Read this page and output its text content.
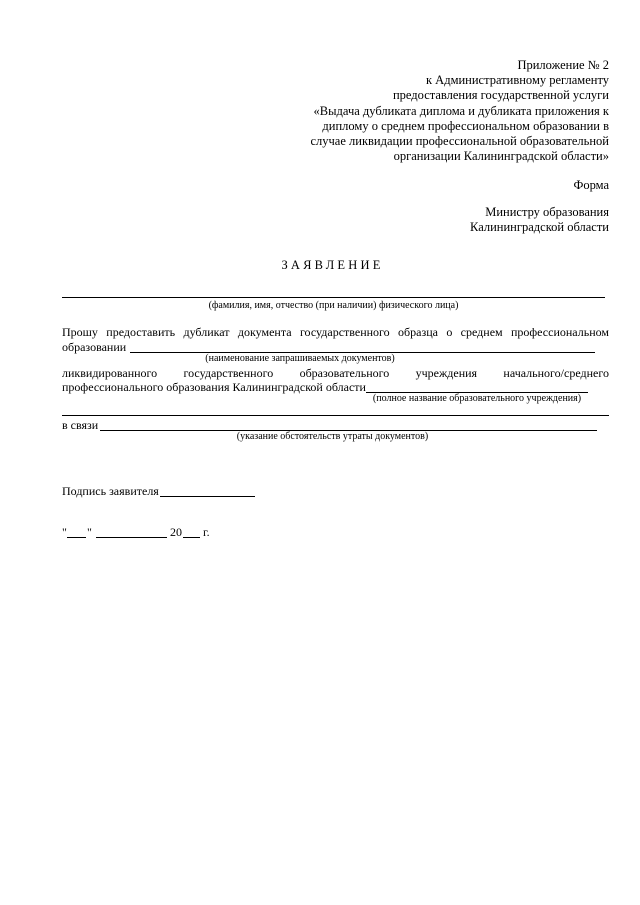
Приложение № 2
к Административному регламенту
предоставления государственной услуги
«Выдача дубликата диплома и дубликата приложения к
диплому о среднем профессиональном образовании в
случае ликвидации профессиональной образовательной
организации Калининградской области»
Форма
Министру образования
Калининградской области
ЗАЯВЛЕНИЕ
(фамилия, имя, отчество (при наличии) физического лица)
Прошу предоставить дубликат документа государственного образца о среднем профессиональном
образовании
(наименование запрашиваемых документов)
ликвидированного государственного образовательного учреждения начального/среднего
профессионального образования Калининградской области
(полное название образовательного учреждения)
в связи
(указание обстоятельств утраты документов)
Подпись заявителя
" "	20 г.
